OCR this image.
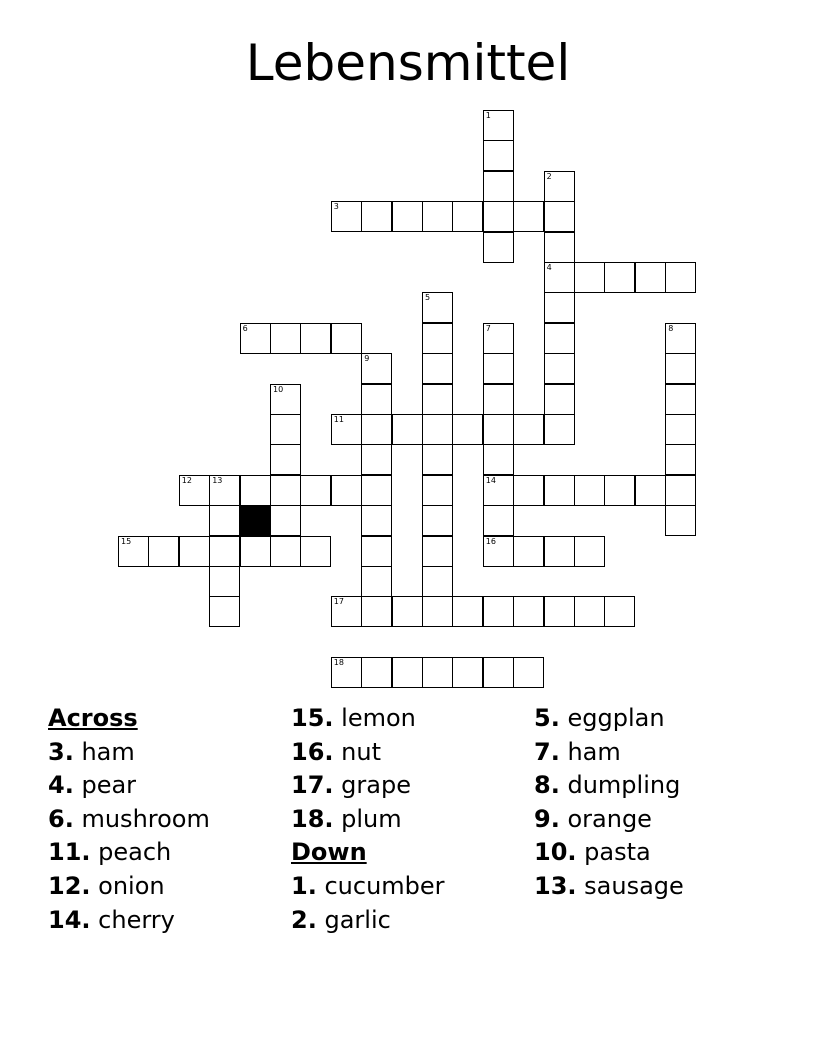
Lebensmittel
1
2
4
3
5
6	7
14
16
8
9
10
11
12	13
15
17
18
Across
3. ham
4. pear
6. mushroom
11. peach
12. onion
14. cherry
15. lemon
16. nut
17. grape
18. plum
Down
1. cucumber
2. garlic
5. eggplan
7. ham
8. dumpling
9. orange
10. pasta
13. sausage
